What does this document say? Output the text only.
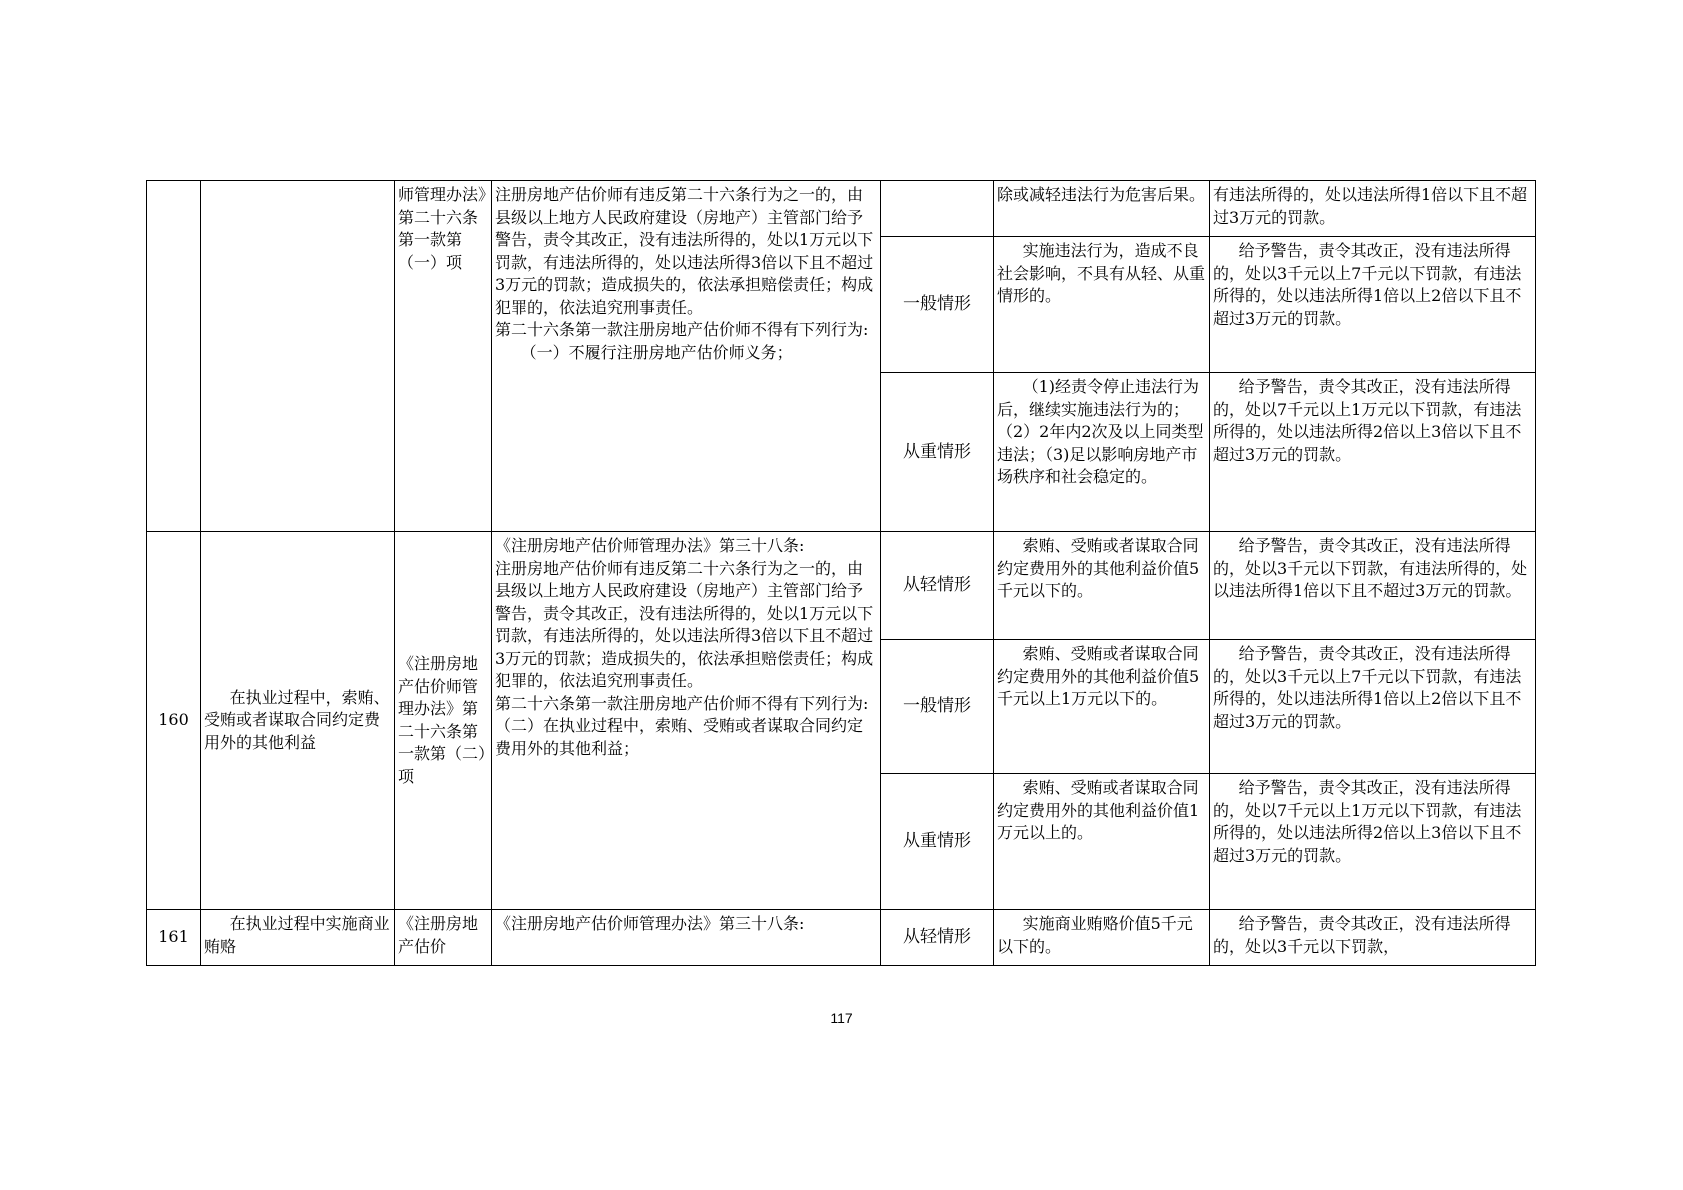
		师管理办法》第二十六条第一款第（一）项	注册房地产估价师有违反第二十六条行为之一的，由县级以上地方人民政府建设（房地产）主管部门给予警告，责令其改正，没有违法所得的，处以1万元以下罚款，有违法所得的，处以违法所得3倍以下且不超过3万元的罚款；造成损失的，依法承担赔偿责任；构成犯罪的，依法追究刑事责任。
第二十六条第一款注册房地产估价师不得有下列行为:
（一）不履行注册房地产估价师义务；		除或减轻违法行为危害后果。	有违法所得的，处以违法所得1倍以下且不超过3万元的罚款。
				一般情形	实施违法行为，造成不良社会影响，不具有从轻、从重情形的。	给予警告，责令其改正，没有违法所得的，处以3千元以上7千元以下罚款，有违法所得的，处以违法所得1倍以上2倍以下且不超过3万元的罚款。
				从重情形	（1)经责令停止违法行为后，继续实施违法行为的；（2）2年内2次及以上同类型违法；（3)足以影响房地产市场秩序和社会稳定的。	给予警告，责令其改正，没有违法所得的，处以7千元以上1万元以下罚款，有违法所得的，处以违法所得2倍以上3倍以下且不超过3万元的罚款。
160	在执业过程中，索贿、受贿或者谋取合同约定费用外的其他利益	《注册房地产估价师管理办法》第二十六条第一款第（二）项	《注册房地产估价师管理办法》第三十八条:
注册房地产估价师有违反第二十六条行为之一的，由县级以上地方人民政府建设（房地产）主管部门给予警告，责令其改正，没有违法所得的，处以1万元以下罚款，有违法所得的，处以违法所得3倍以下且不超过3万元的罚款；造成损失的，依法承担赔偿责任；构成犯罪的，依法追究刑事责任。
第二十六条第一款注册房地产估价师不得有下列行为:
（二）在执业过程中，索贿、受贿或者谋取合同约定费用外的其他利益；	从轻情形	索贿、受贿或者谋取合同约定费用外的其他利益价值5千元以下的。	给予警告，责令其改正，没有违法所得的，处以3千元以下罚款，有违法所得的，处以违法所得1倍以下且不超过3万元的罚款。
				一般情形	索贿、受贿或者谋取合同约定费用外的其他利益价值5千元以上1万元以下的。	给予警告，责令其改正，没有违法所得的，处以3千元以上7千元以下罚款，有违法所得的，处以违法所得1倍以上2倍以下且不超过3万元的罚款。
				从重情形	索贿、受贿或者谋取合同约定费用外的其他利益价值1万元以上的。	给予警告，责令其改正，没有违法所得的，处以7千元以上1万元以下罚款，有违法所得的，处以违法所得2倍以上3倍以下且不超过3万元的罚款。
161	在执业过程中实施商业贿赂	《注册房地产估价	《注册房地产估价师管理办法》第三十八条:	从轻情形	实施商业贿赂价值5千元以下的。	给予警告，责令其改正，没有违法所得的，处以3千元以下罚款，
117
